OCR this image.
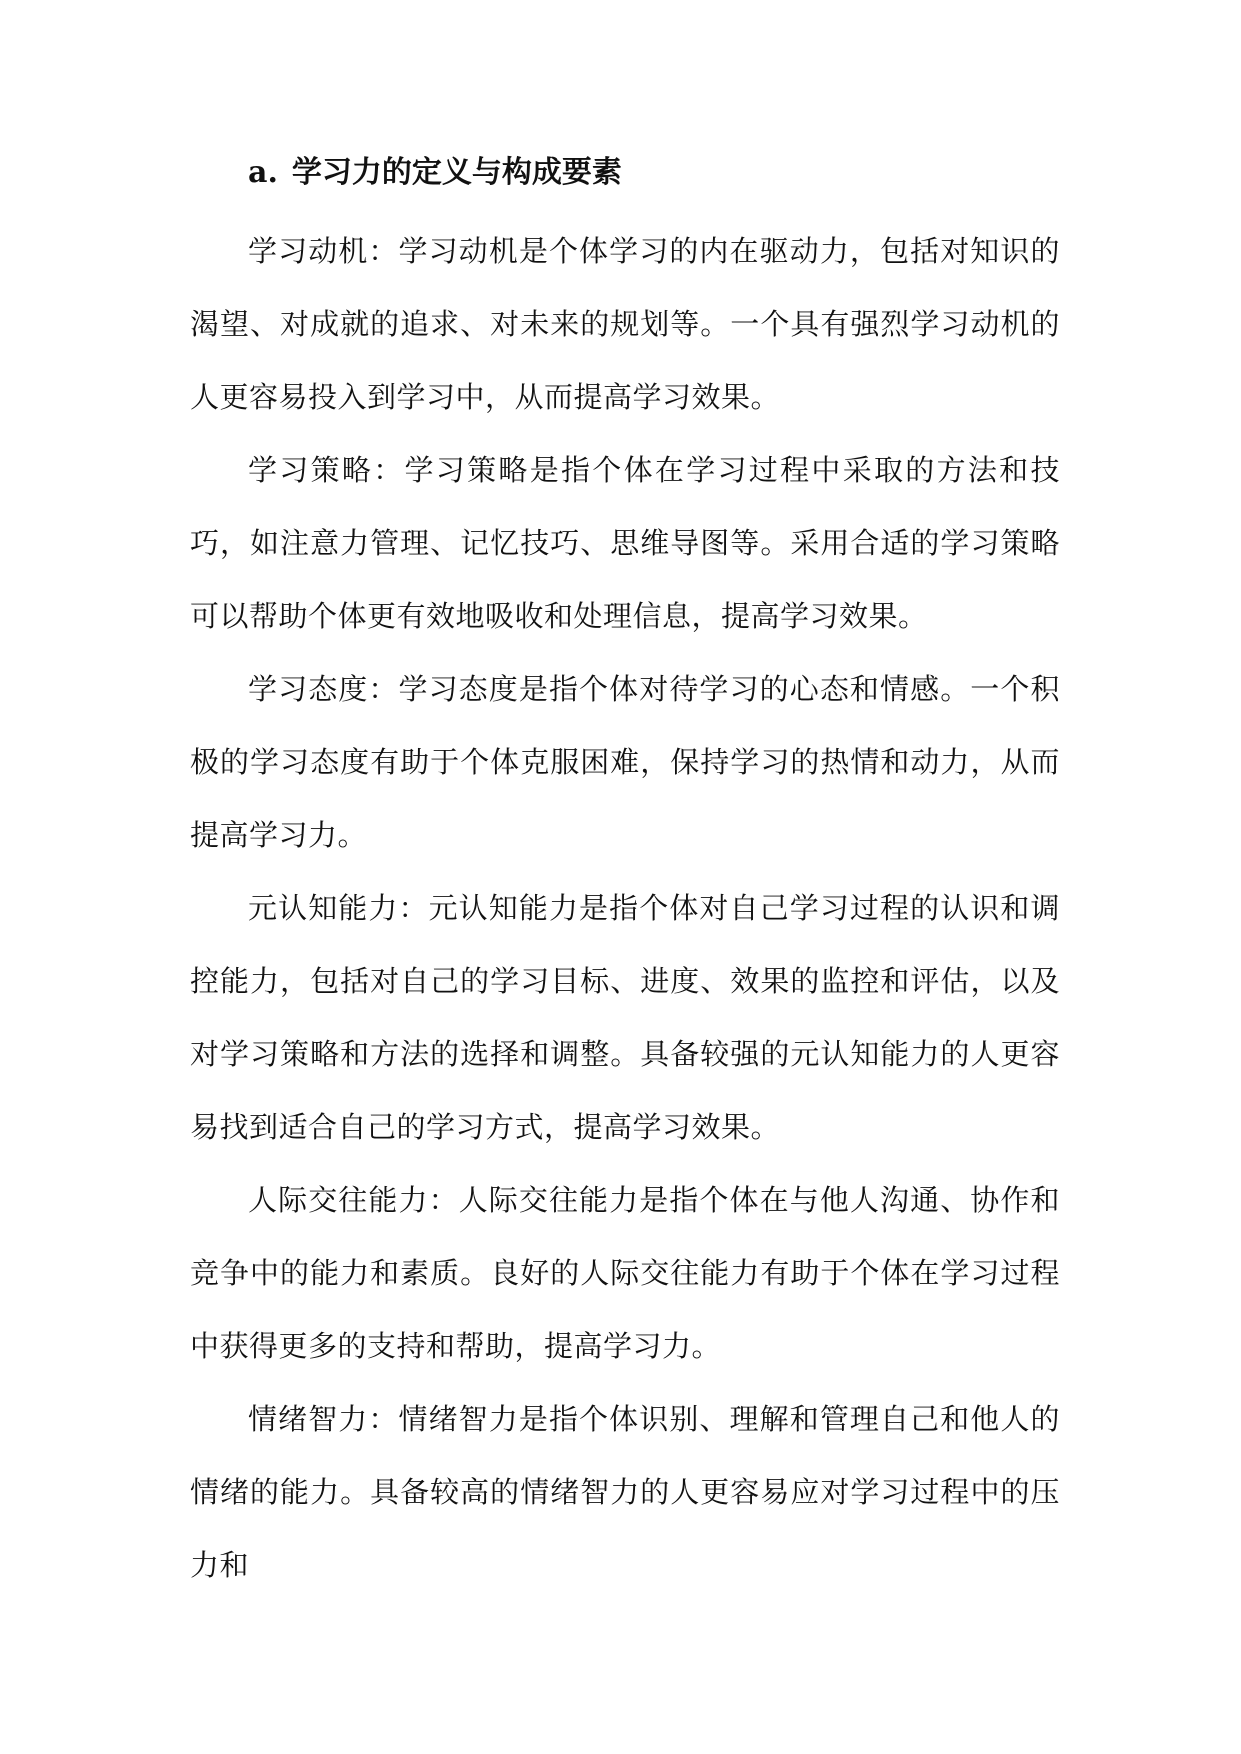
a. 学习力的定义与构成要素

学习动机：学习动机是个体学习的内在驱动力，包括对知识的渴望、对成就的追求、对未来的规划等。一个具有强烈学习动机的人更容易投入到学习中，从而提高学习效果。

学习策略：学习策略是指个体在学习过程中采取的方法和技巧，如注意力管理、记忆技巧、思维导图等。采用合适的学习策略可以帮助个体更有效地吸收和处理信息，提高学习效果。

学习态度：学习态度是指个体对待学习的心态和情感。一个积极的学习态度有助于个体克服困难，保持学习的热情和动力，从而提高学习力。

元认知能力：元认知能力是指个体对自己学习过程的认识和调控能力，包括对自己的学习目标、进度、效果的监控和评估，以及对学习策略和方法的选择和调整。具备较强的元认知能力的人更容易找到适合自己的学习方式，提高学习效果。

人际交往能力：人际交往能力是指个体在与他人沟通、协作和竞争中的能力和素质。良好的人际交往能力有助于个体在学习过程中获得更多的支持和帮助，提高学习力。

情绪智力：情绪智力是指个体识别、理解和管理自己和他人的情绪的能力。具备较高的情绪智力的人更容易应对学习过程中的压力和
